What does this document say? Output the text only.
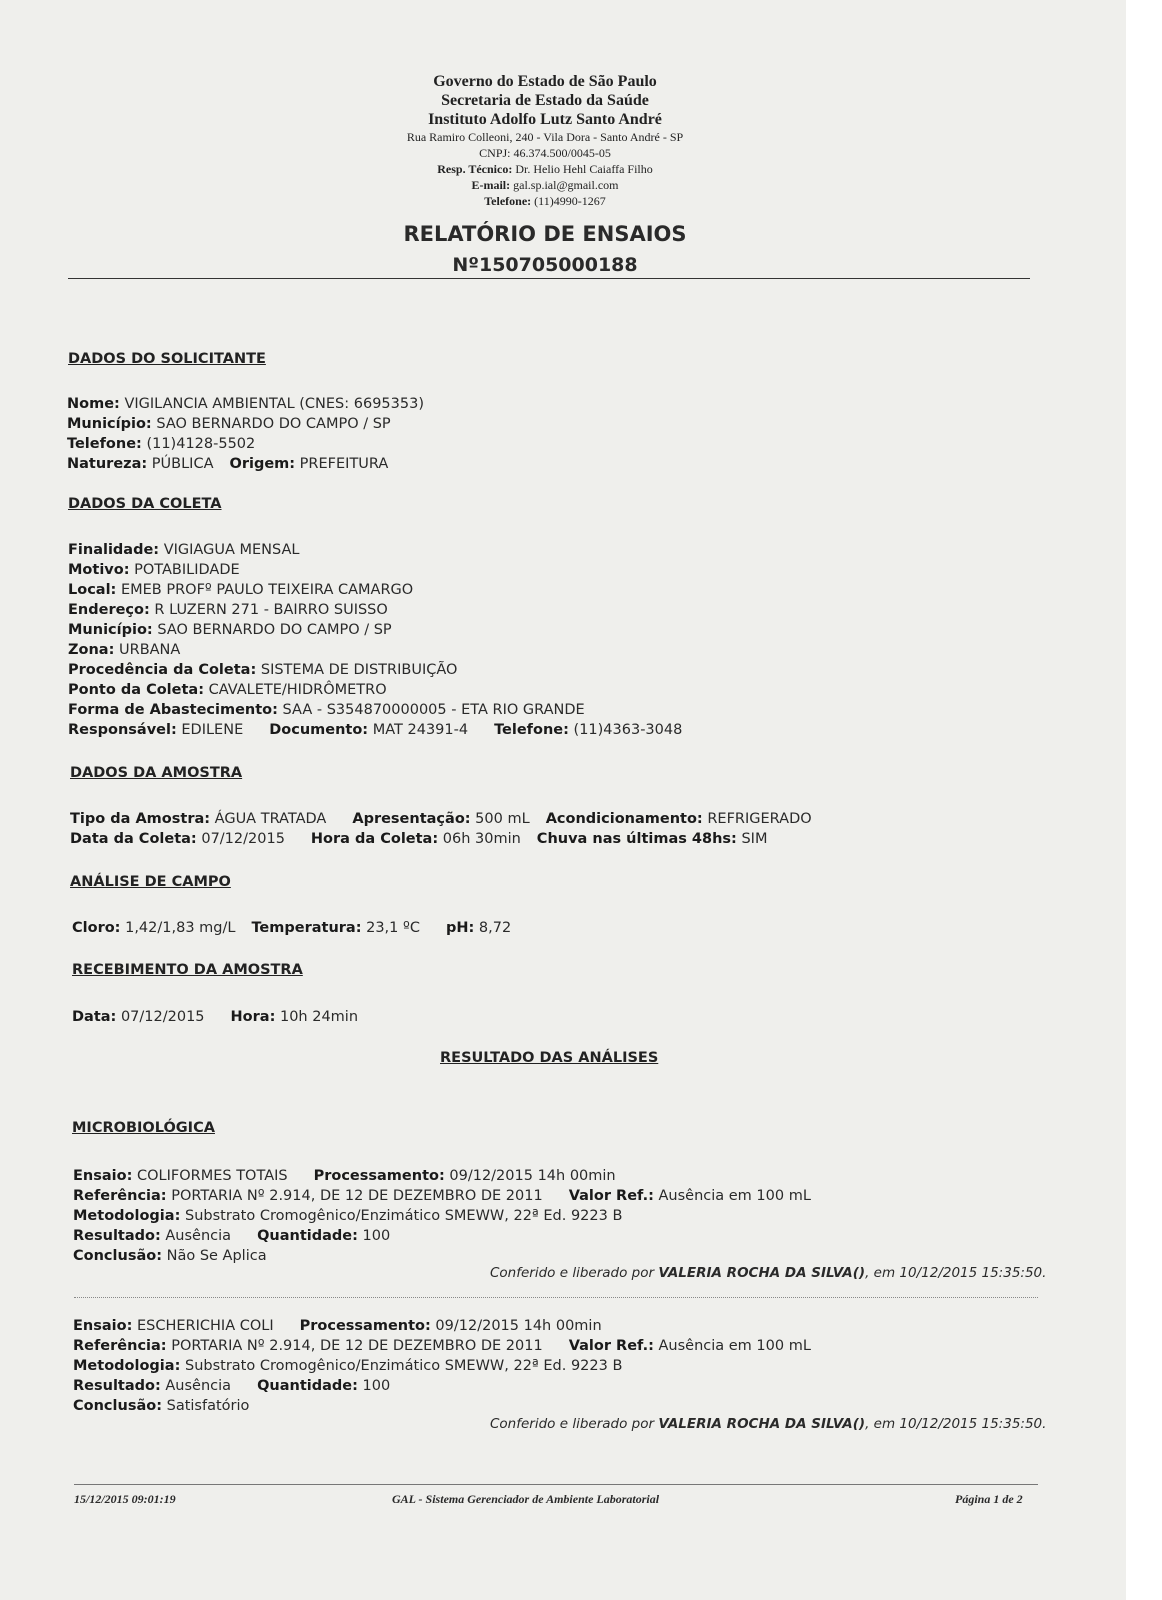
Governo do Estado de São Paulo
Secretaria de Estado da Saúde
Instituto Adolfo Lutz Santo André
Rua Ramiro Colleoni, 240 - Vila Dora - Santo André - SP
CNPJ: 46.374.500/0045-05
Resp. Técnico: Dr. Helio Hehl Caiaffa Filho
E-mail: gal.sp.ial@gmail.com
Telefone: (11)4990-1267
RELATÓRIO DE ENSAIOS
Nº150705000188
DADOS DO SOLICITANTE
Nome: VIGILANCIA AMBIENTAL (CNES: 6695353)
Município: SAO BERNARDO DO CAMPO / SP
Telefone: (11)4128-5502
Natureza: PÚBLICA Origem: PREFEITURA
DADOS DA COLETA
Finalidade: VIGIAGUA MENSAL
Motivo: POTABILIDADE
Local: EMEB PROFº PAULO TEIXEIRA CAMARGO
Endereço: R LUZERN 271 - BAIRRO SUISSO
Município: SAO BERNARDO DO CAMPO / SP
Zona: URBANA
Procedência da Coleta: SISTEMA DE DISTRIBUIÇÃO
Ponto da Coleta: CAVALETE/HIDRÔMETRO
Forma de Abastecimento: SAA - S354870000005 - ETA RIO GRANDE
Responsável: EDILENE Documento: MAT 24391-4 Telefone: (11)4363-3048
DADOS DA AMOSTRA
Tipo da Amostra: ÁGUA TRATADA Apresentação: 500 mL Acondicionamento: REFRIGERADO
Data da Coleta: 07/12/2015 Hora da Coleta: 06h 30min Chuva nas últimas 48hs: SIM
ANÁLISE DE CAMPO
Cloro: 1,42/1,83 mg/L Temperatura: 23,1 ºC pH: 8,72
RECEBIMENTO DA AMOSTRA
Data: 07/12/2015 Hora: 10h 24min
RESULTADO DAS ANÁLISES
MICROBIOLÓGICA
Ensaio: COLIFORMES TOTAIS Processamento: 09/12/2015 14h 00min
Referência: PORTARIA Nº 2.914, DE 12 DE DEZEMBRO DE 2011 Valor Ref.: Ausência em 100 mL
Metodologia: Substrato Cromogênico/Enzimático SMEWW, 22ª Ed. 9223 B
Resultado: Ausência Quantidade: 100
Conclusão: Não Se Aplica
Conferido e liberado por VALERIA ROCHA DA SILVA(), em 10/12/2015 15:35:50.
Ensaio: ESCHERICHIA COLI Processamento: 09/12/2015 14h 00min
Referência: PORTARIA Nº 2.914, DE 12 DE DEZEMBRO DE 2011 Valor Ref.: Ausência em 100 mL
Metodologia: Substrato Cromogênico/Enzimático SMEWW, 22ª Ed. 9223 B
Resultado: Ausência Quantidade: 100
Conclusão: Satisfatório
Conferido e liberado por VALERIA ROCHA DA SILVA(), em 10/12/2015 15:35:50.
15/12/2015 09:01:19	GAL - Sistema Gerenciador de Ambiente Laboratorial	Página 1 de 2
